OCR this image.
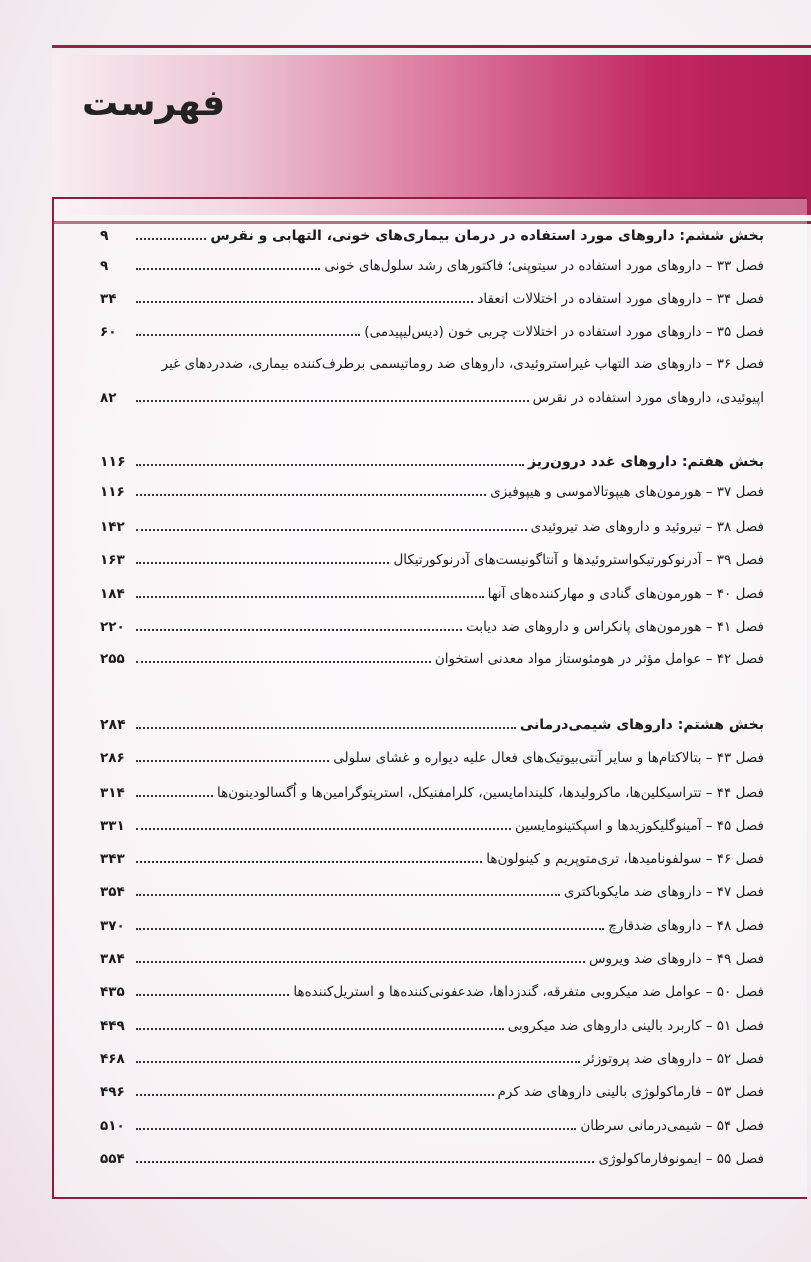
فهرست
بخش ششم: داروهای مورد استفاده در درمان بیماری‌های خونی، التهابی و نقرس
۹
فصل ۳۳ – داروهای مورد استفاده در سیتوپنی؛ فاکتورهای رشد سلول‌های خونی
۹
فصل ۳۴ – داروهای مورد استفاده در اختلالات انعقاد
۳۴
فصل ۳۵ – داروهای مورد استفاده در اختلالات چربی خون (دیس‌لیپیدمی)
۶۰
فصل ۳۶ – داروهای ضد التهاب غیراستروئیدی، داروهای ضد روماتیسمی برطرف‌کننده بیماری، ضددردهای غیر
اپیوئیدی، داروهای مورد استفاده در نقرس
۸۲
بخش هفتم: داروهای غدد درون‌ریز
۱۱۶
فصل ۳۷ – هورمون‌های هیپوتالاموسی و هیپوفیزی
۱۱۶
فصل ۳۸ – تیروئید و داروهای ضد تیروئیدی
۱۴۲
فصل ۳۹ – آدرنوکورتیکواستروئیدها و آنتاگونیست‌های آدرنوکورتیکال
۱۶۳
فصل ۴۰ – هورمون‌های گنادی و مهارکننده‌های آنها
۱۸۴
فصل ۴۱ – هورمون‌های پانکراس و داروهای ضد دیابت
۲۲۰
فصل ۴۲ – عوامل مؤثر در هومئوستاز مواد معدنی استخوان
۲۵۵
بخش هشتم: داروهای شیمی‌درمانی
۲۸۴
فصل ۴۳ – بتالاکتام‌ها و سایر آنتی‌بیوتیک‌های فعال علیه دیواره و غشای سلولی
۲۸۶
فصل ۴۴ – تتراسیکلین‌ها، ماکرولیدها، کلیندامایسین، کلرامفنیکل، استرپتوگرامین‌ها و اُگسالودینون‌ها
۳۱۴
فصل ۴۵ – آمینوگلیکوزیدها و اسپکتینومایسین
۳۳۱
فصل ۴۶ – سولفونامیدها، تری‌متوپریم و کینولون‌ها
۳۴۳
فصل ۴۷ – داروهای ضد مایکوباکتری
۳۵۴
فصل ۴۸ – داروهای ضدقارچ
۳۷۰
فصل ۴۹ – داروهای ضد ویروس
۳۸۴
فصل ۵۰ – عوامل ضد میکروبی متفرقه، گندزداها، ضدعفونی‌کننده‌ها و استریل‌کننده‌ها
۴۳۵
فصل ۵۱ – کاربرد بالینی داروهای ضد میکروبی
۴۴۹
فصل ۵۲ – داروهای ضد پروتوزئر
۴۶۸
فصل ۵۳ – فارماکولوژی بالینی داروهای ضد کرم
۴۹۶
فصل ۵۴ – شیمی‌درمانی سرطان
۵۱۰
فصل ۵۵ – ایمونوفارماکولوژی
۵۵۴
